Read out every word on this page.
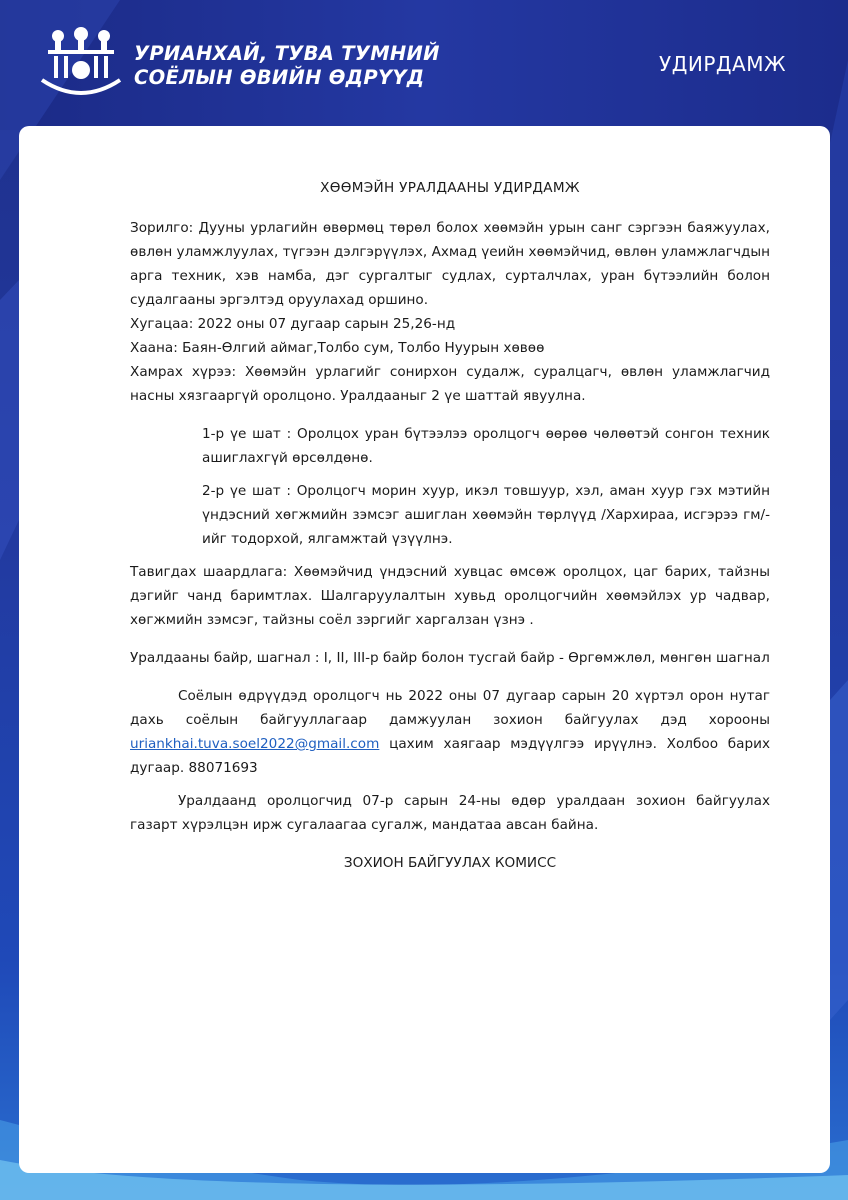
УРИАНХАЙ, ТУВА ТУМНИЙ
СОЁЛЫН ӨВИЙН ӨДРҮҮД
УДИРДАМЖ

ХӨӨМЭЙН УРАЛДААНЫ УДИРДАМЖ

Зорилго: Дууны урлагийн өвөрмөц төрөл болох хөөмэйн урын санг сэргээн баяжуулах, өвлөн уламжлуулах, түгээн дэлгэрүүлэх, Ахмад үеийн хөөмэйчид, өвлөн уламжлагчдын арга техник, хэв намба, дэг сургалтыг судлах, сурталчлах, уран бүтээлийн болон судалгааны эргэлтэд оруулахад оршино.

Хугацаа: 2022 оны 07 дугаар сарын 25,26-нд

Хаана: Баян-Өлгий аймаг,Толбо сум, Толбо Нуурын хөвөө

Хамрах хүрээ: Хөөмэйн урлагийг сонирхон судалж, суралцагч, өвлөн уламжлагчид насны хязгааргүй оролцоно. Уралдааныг 2 үе шаттай явуулна.

1-р үе шат : Оролцох уран бүтээлээ оролцогч өөрөө чөлөөтэй сонгон техник ашиглахгүй өрсөлдөнө.

2-р үе шат : Оролцогч морин хуур, икэл товшуур, хэл, аман хуур гэх мэтийн үндэсний хөгжмийн зэмсэг ашиглан хөөмэйн төрлүүд /Хархираа, исгэрээ гм/-ийг тодорхой, ялгамжтай үзүүлнэ.

Тавигдах шаардлага: Хөөмэйчид үндэсний хувцас өмсөж оролцох, цаг барих, тайзны дэгийг чанд баримтлах. Шалгаруулалтын хувьд оролцогчийн хөөмэйлэх ур чадвар, хөгжмийн зэмсэг, тайзны соёл зэргийг харгалзан үзнэ .

Уралдааны байр, шагнал : I, II, III-р байр болон тусгай байр - Өргөмжлөл, мөнгөн шагнал

Соёлын өдрүүдэд оролцогч нь 2022 оны 07 дугаар сарын 20 хүртэл орон нутаг дахь соёлын байгууллагаар дамжуулан зохион байгуулах дэд хорооны uriankhai.tuva.soel2022@gmail.com цахим хаягаар мэдүүлгээ ирүүлнэ. Холбоо барих дугаар. 88071693

Уралдаанд оролцогчид 07-р сарын 24-ны өдөр уралдаан зохион байгуулах газарт хүрэлцэн ирж сугалаагаа сугалж, мандатаа авсан байна.

ЗОХИОН БАЙГУУЛАХ КОМИСС
